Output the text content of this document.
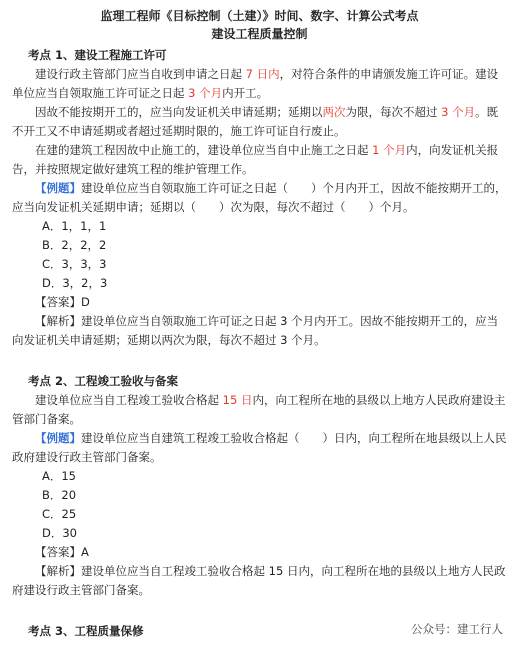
监理工程师《目标控制（土建）》时间、数字、计算公式考点
建设工程质量控制
考点 1、建设工程施工许可

建设行政主管部门应当自收到申请之日起 7 日内，对符合条件的申请颁发施工许可证。建设单位应当自领取施工许可证之日起 3 个月内开工。

因故不能按期开工的，应当向发证机关申请延期；延期以两次为限，每次不超过 3 个月。既不开工又不申请延期或者超过延期时限的，施工许可证自行废止。

在建的建筑工程因故中止施工的，建设单位应当自中止施工之日起 1 个月内，向发证机关报告，并按照规定做好建筑工程的维护管理工作。

【例题】建设单位应当自领取施工许可证之日起（　　）个月内开工，因故不能按期开工的，应当向发证机关延期申请；延期以（　　）次为限，每次不超过（　　）个月。

A．1，1，1
B．2，2，2
C．3，3，3
D．3，2，3

【答案】D

【解析】建设单位应当自领取施工许可证之日起 3 个月内开工。因故不能按期开工的，应当向发证机关申请延期；延期以两次为限，每次不超过 3 个月。

考点 2、工程竣工验收与备案

建设单位应当自工程竣工验收合格起 15 日内，向工程所在地的县级以上地方人民政府建设主管部门备案。

【例题】建设单位应当自建筑工程竣工验收合格起（　　）日内，向工程所在地县级以上人民政府建设行政主管部门备案。

A．15
B．20
C．25
D．30

【答案】A

【解析】建设单位应当自工程竣工验收合格起 15 日内，向工程所在地的县级以上地方人民政府建设行政主管部门备案。

考点 3、工程质量保修	公众号：建工行人
